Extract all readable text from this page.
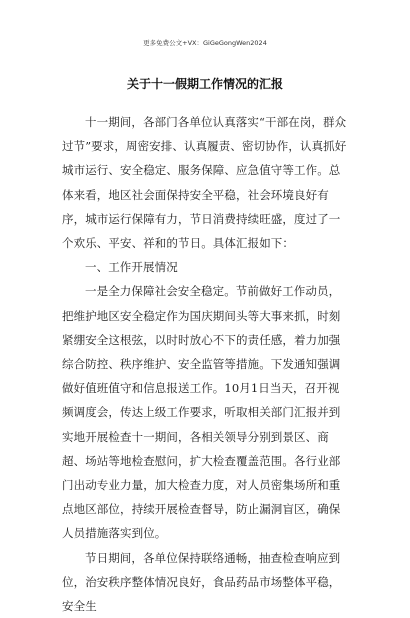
更多免费公文+VX：GiGeGongWen2024
关于十一假期工作情况的汇报

十一期间，各部门各单位认真落实“干部在岗，群众过节”要求，周密安排、认真履责、密切协作，认真抓好城市运行、安全稳定、服务保障、应急值守等工作。总体来看，地区社会面保持安全平稳，社会环境良好有序，城市运行保障有力，节日消费持续旺盛，度过了一个欢乐、平安、祥和的节日。具体汇报如下：

一、工作开展情况

一是全力保障社会安全稳定。节前做好工作动员，把维护地区安全稳定作为国庆期间头等大事来抓，时刻紧绷安全这根弦，以时时放心不下的责任感，着力加强综合防控、秩序维护、安全监管等措施。下发通知强调做好值班值守和信息报送工作。10月1日当天，召开视频调度会，传达上级工作要求，听取相关部门汇报并到实地开展检查十一期间，各相关领导分别到景区、商超、场站等地检查慰问，扩大检查覆盖范围。各行业部门出动专业力量，加大检查力度，对人员密集场所和重点地区部位，持续开展检查督导，防止漏洞盲区，确保人员措施落实到位。

节日期间，各单位保持联络通畅，抽查检查响应到位，治安秩序整体情况良好，食品药品市场整体平稳，安全生
